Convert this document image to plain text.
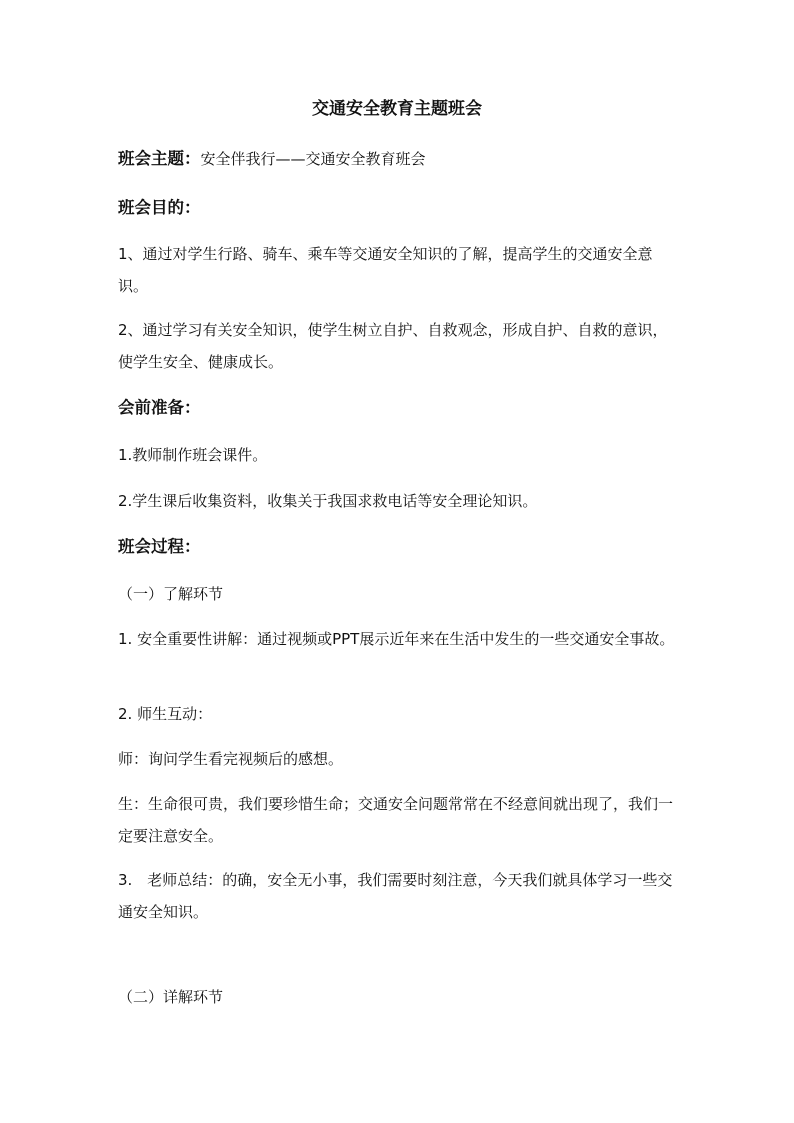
交通安全教育主题班会

班会主题：安全伴我行——交通安全教育班会

班会目的：

1、通过对学生行路、骑车、乘车等交通安全知识的了解，提高学生的交通安全意识。

2、通过学习有关安全知识，使学生树立自护、自救观念，形成自护、自救的意识，使学生安全、健康成长。

会前准备：

1.教师制作班会课件。

2.学生课后收集资料，收集关于我国求救电话等安全理论知识。

班会过程：

（一）了解环节

1. 安全重要性讲解：通过视频或PPT展示近年来在生活中发生的一些交通安全事故。

2. 师生互动：

师：询问学生看完视频后的感想。

生：生命很可贵，我们要珍惜生命；交通安全问题常常在不经意间就出现了，我们一定要注意安全。

3.　老师总结：的确，安全无小事，我们需要时刻注意，今天我们就具体学习一些交通安全知识。

（二）详解环节
